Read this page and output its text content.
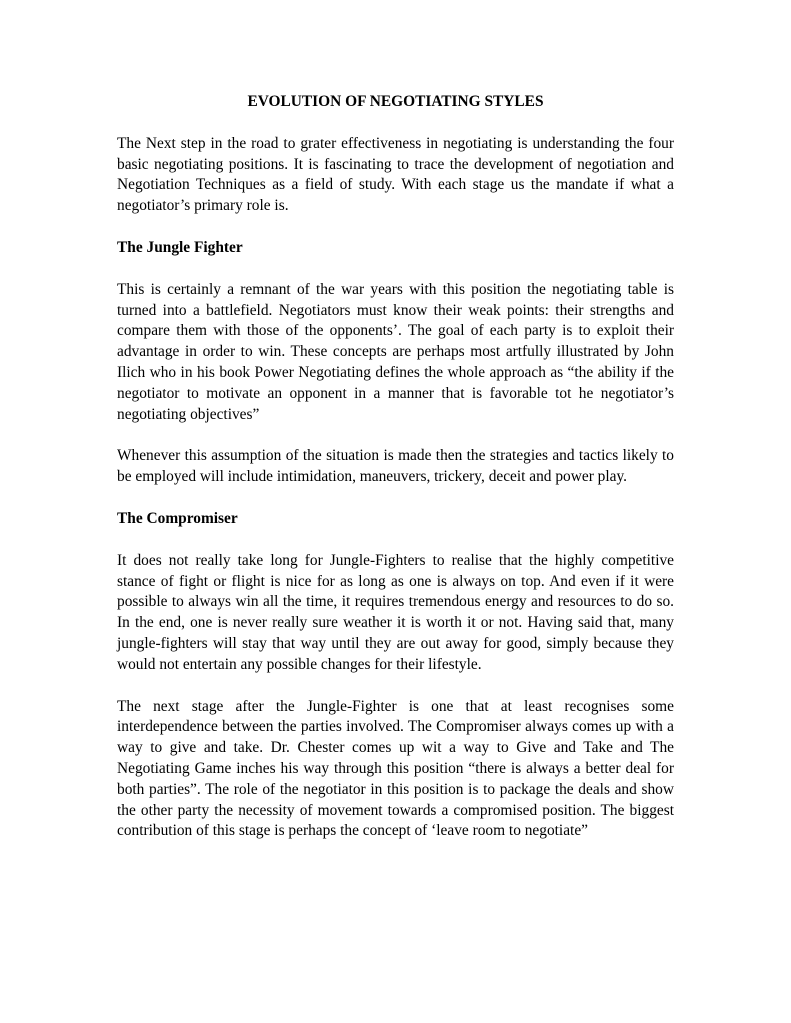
EVOLUTION OF NEGOTIATING STYLES
The Next step in the road to grater effectiveness in negotiating is understanding the four basic negotiating positions. It is fascinating to trace the development of negotiation and Negotiation Techniques as a field of study. With each stage us the mandate if what a negotiator’s primary role is.
The Jungle Fighter
This is certainly a remnant of the war years with this position the negotiating table is turned into a battlefield. Negotiators must know their weak points: their strengths and compare them with those of the opponents’. The goal of each party is to exploit their advantage in order to win. These concepts are perhaps most artfully illustrated by John Ilich who in his book Power Negotiating defines the whole approach as “the ability if the negotiator to motivate an opponent in a manner that is favorable tot he negotiator’s negotiating objectives”
Whenever this assumption of the situation is made then the strategies and tactics likely to be employed will include intimidation, maneuvers, trickery, deceit and power play.
The Compromiser
It does not really take long for Jungle-Fighters to realise that the highly competitive stance of fight or flight is nice for as long as one is always on top. And even if it were possible to always win all the time, it requires tremendous energy and resources to do so. In the end, one is never really sure weather it is worth it or not. Having said that, many jungle-fighters will stay that way until they are out away for good, simply because they would not entertain any possible changes for their lifestyle.
The next stage after the Jungle-Fighter is one that at least recognises some interdependence between the parties involved. The Compromiser always comes up with a way to give and take. Dr. Chester comes up wit a way to Give and Take and The Negotiating Game inches his way through this position “there is always a better deal for both parties”. The role of the negotiator in this position is to package the deals and show the other party the necessity of movement towards a compromised position. The biggest contribution of this stage is perhaps the concept of ‘leave room to negotiate”
